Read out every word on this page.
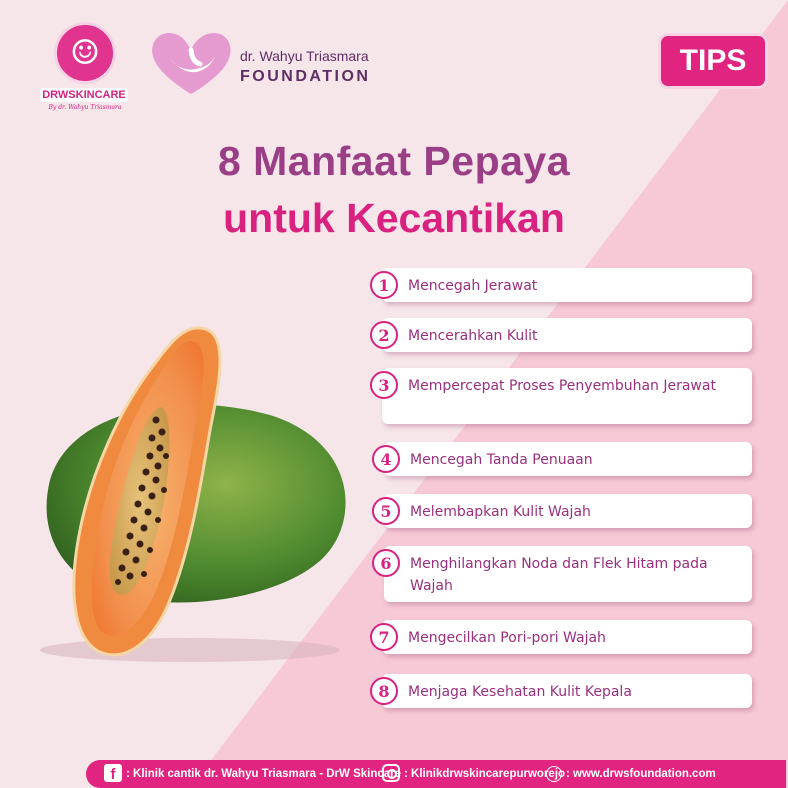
☺
DRWSKINCARE
By dr. Wahyu Triasmara
dr. Wahyu Triasmara
FOUNDATION	TIPS
8 Manfaat Pepaya
untuk Kecantikan
1	Mencegah Jerawat
2	Mencerahkan Kulit
3	Mempercepat Proses Penyembuhan Jerawat
4	Mencegah Tanda Penuaan
5	Melembapkan Kulit Wajah
6	Menghilangkan Noda dan Flek Hitam pada Wajah
7	Mengecilkan Pori-pori Wajah
8	Menjaga Kesehatan Kulit Kepala
f : Klinik cantik dr. Wahyu Triasmara - DrW Skincare : Klinikdrwskincarepurworejo : www.drwsfoundation.com
